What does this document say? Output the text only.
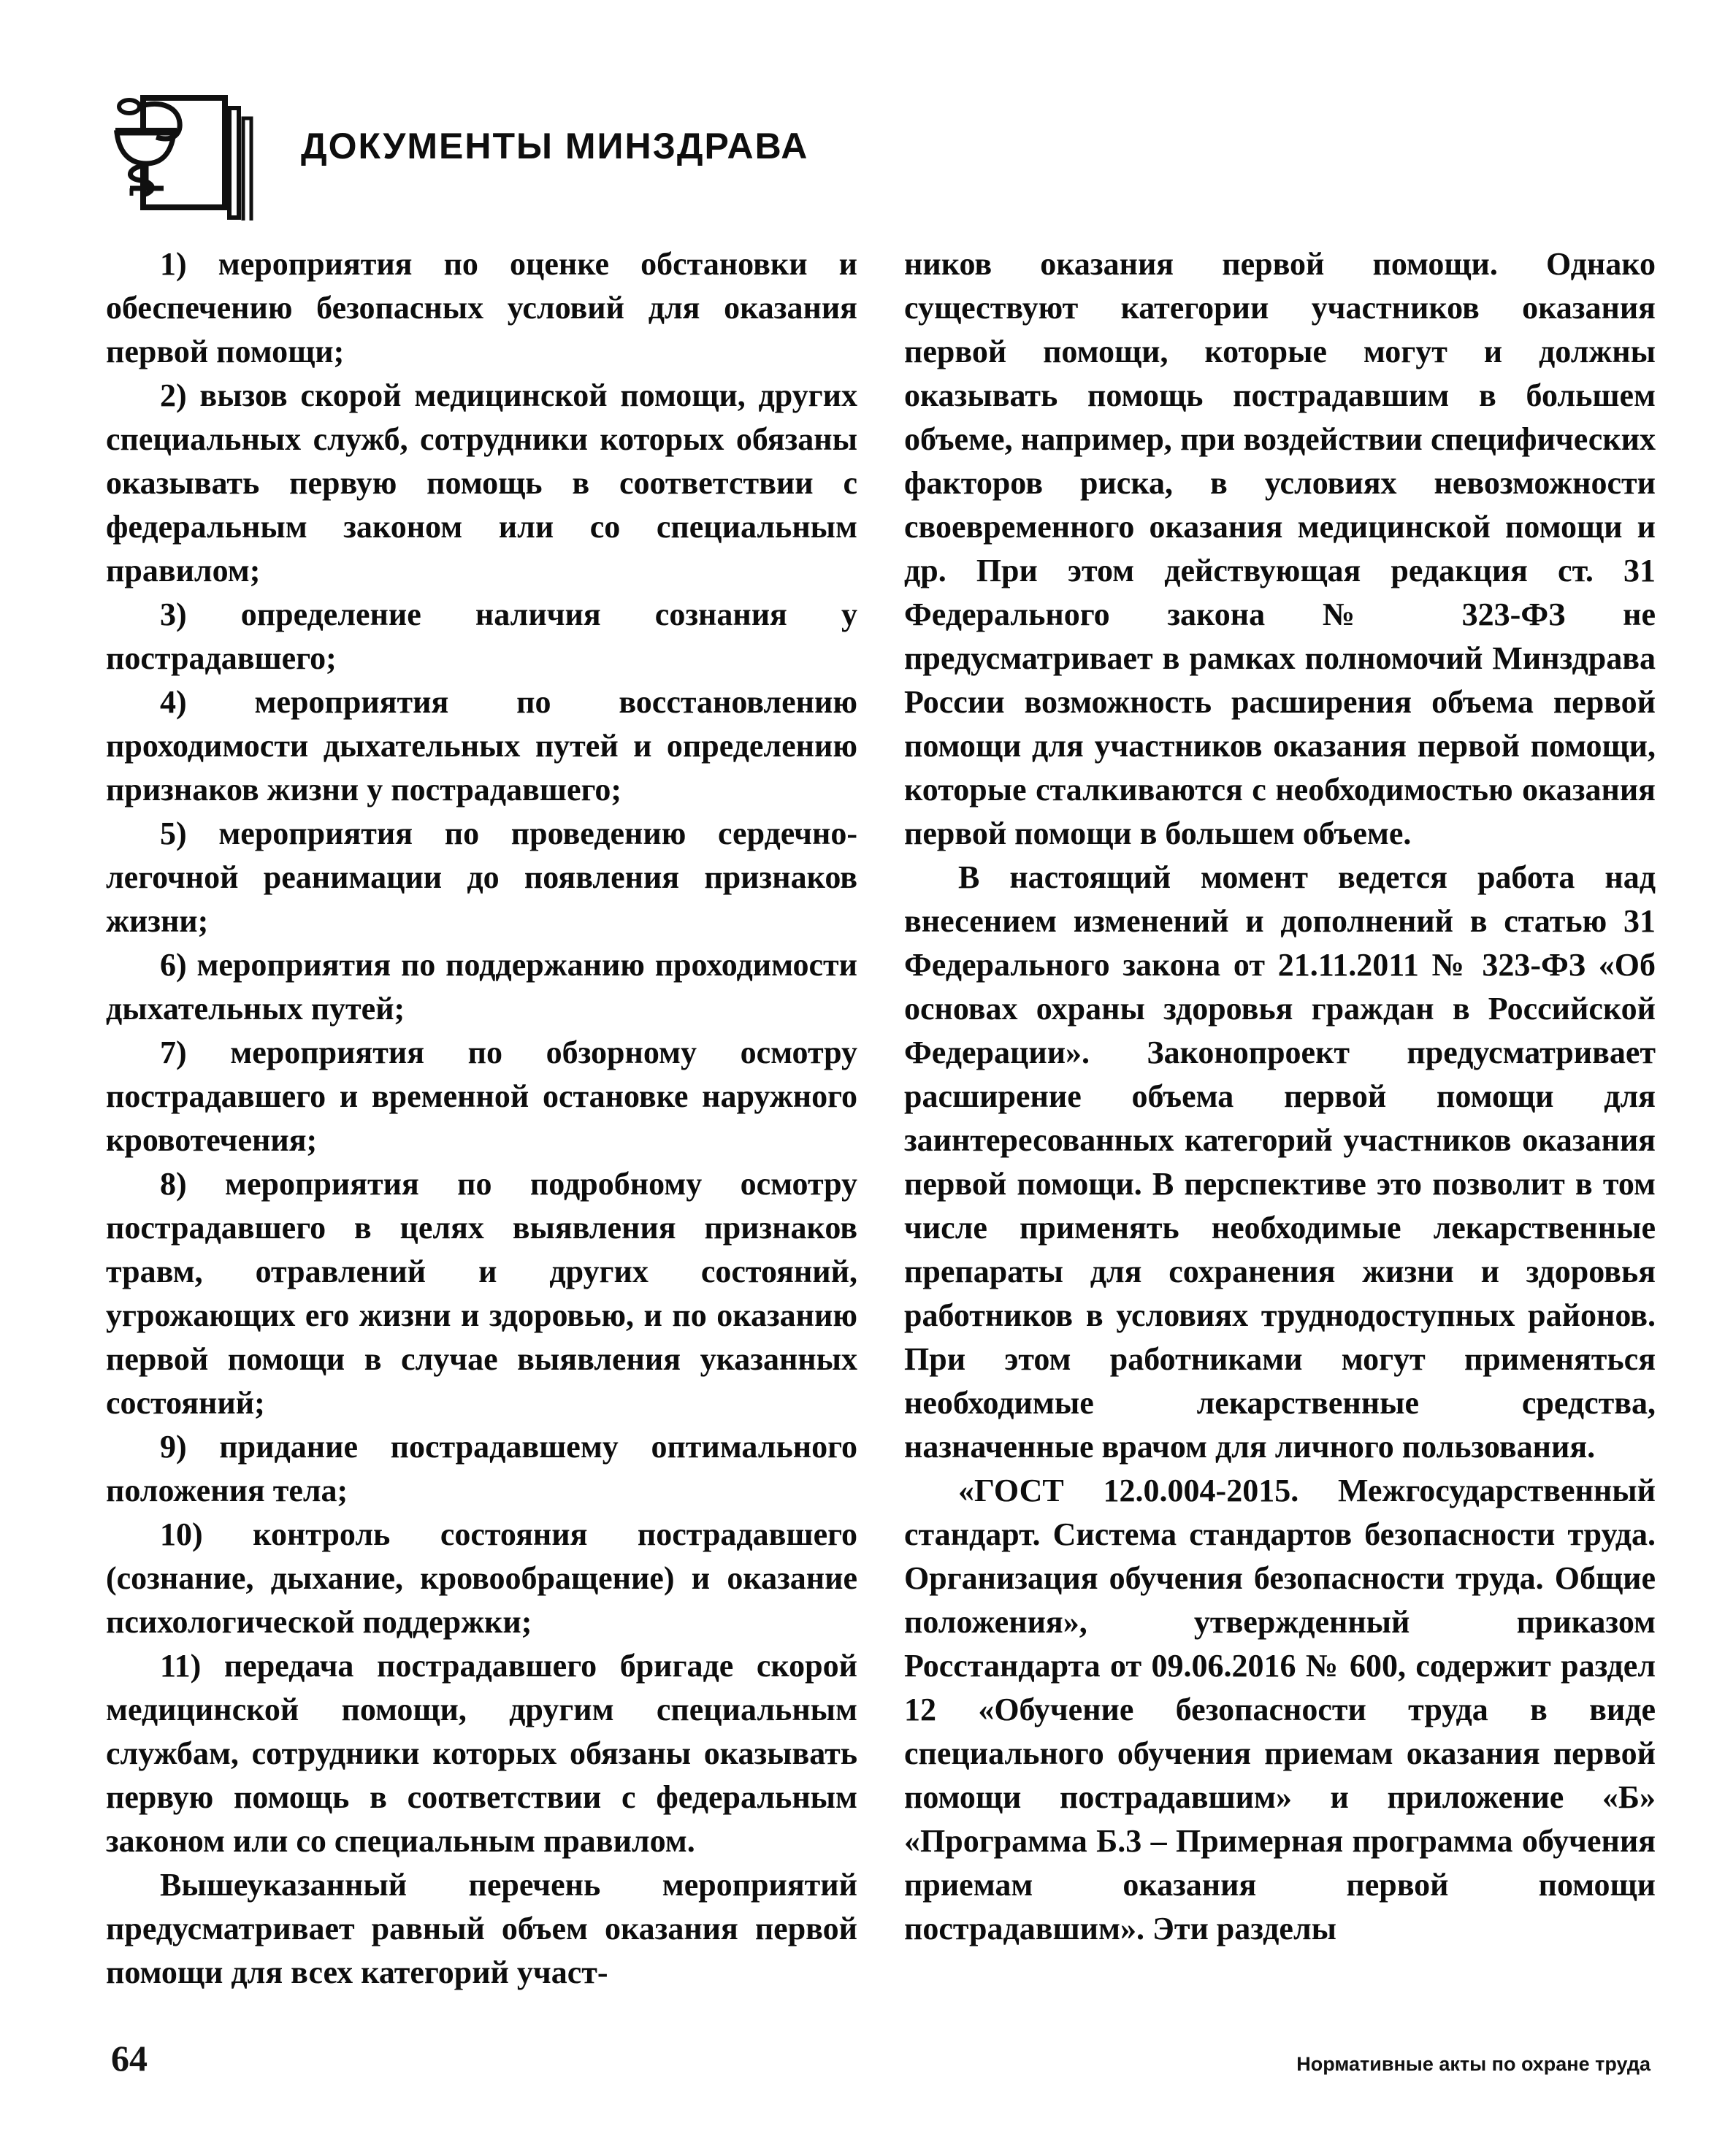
ДОКУМЕНТЫ МИНЗДРАВА

1) мероприятия по оценке обстановки и обеспечению безопасных условий для оказания первой помощи;

2) вызов скорой медицинской помощи, других специальных служб, сотрудники которых обязаны оказывать первую помощь в соответствии с федеральным законом или со специальным правилом;

3) определение наличия сознания у пострадавшего;

4) мероприятия по восстановлению проходимости дыхательных путей и определению признаков жизни у пострадавшего;

5) мероприятия по проведению сердечно-легочной реанимации до появления признаков жизни;

6) мероприятия по поддержанию проходимости дыхательных путей;

7) мероприятия по обзорному осмотру пострадавшего и временной остановке наружного кровотечения;

8) мероприятия по подробному осмотру пострадавшего в целях выявления признаков травм, отравлений и других состояний, угрожающих его жизни и здоровью, и по оказанию первой помощи в случае выявления указанных состояний;

9) придание пострадавшему оптимального положения тела;

10) контроль состояния пострадавшего (сознание, дыхание, кровообращение) и оказание психологической поддержки;

11) передача пострадавшего бригаде скорой медицинской помощи, другим специальным службам, сотрудники которых обязаны оказывать первую помощь в соответствии с федеральным законом или со специальным правилом.

Вышеуказанный перечень мероприятий предусматривает равный объем оказания первой помощи для всех категорий участ-

ников оказания первой помощи. Однако существуют категории участников оказания первой помощи, которые могут и должны оказывать помощь пострадавшим в большем объеме, например, при воздействии специфических факторов риска, в условиях невозможности своевременного оказания медицинской помощи и др. При этом действующая редакция ст. 31 Федерального закона № 323-ФЗ не предусматривает в рамках полномочий Минздрава России возможность расширения объема первой помощи для участников оказания первой помощи, которые сталкиваются с необходимостью оказания первой помощи в большем объеме.

В настоящий момент ведется работа над внесением изменений и дополнений в статью 31 Федерального закона от 21.11.2011 № 323-ФЗ «Об основах охраны здоровья граждан в Российской Федерации». Законопроект предусматривает расширение объема первой помощи для заинтересованных категорий участников оказания первой помощи. В перспективе это позволит в том числе применять необходимые лекарственные препараты для сохранения жизни и здоровья работников в условиях труднодоступных районов. При этом работниками могут применяться необходимые лекарственные средства, назначенные врачом для личного пользования.

«ГОСТ 12.0.004-2015. Межгосударственный стандарт. Система стандартов безопасности труда. Организация обучения безопасности труда. Общие положения», утвержденный приказом Росстандарта от 09.06.2016 № 600, содержит раздел 12 «Обучение безопасности труда в виде специального обучения приемам оказания первой помощи пострадавшим» и приложение «Б» «Программа Б.3 – Примерная программа обучения приемам оказания первой помощи пострадавшим». Эти разделы

64	Нормативные акты по охране труда
